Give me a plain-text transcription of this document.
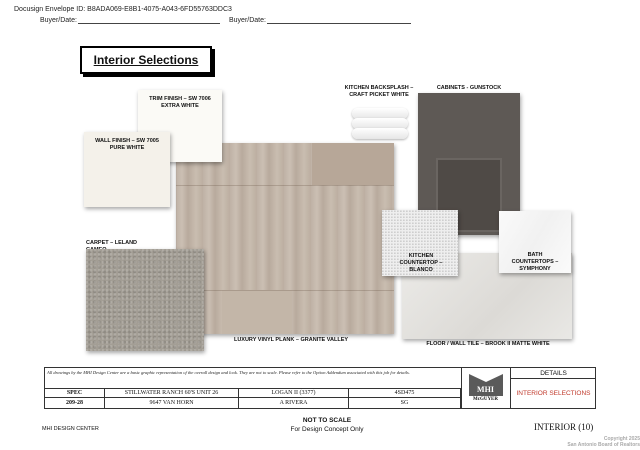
Docusign Envelope ID: B8ADA069-E8B1-4075-A043-6FD55763DDC3
Buyer/Date:	Buyer/Date:
Interior Selections
TRIM FINISH – SW 7006 EXTRA WHITE
WALL FINISH – SW 7005 PURE WHITE
KITCHEN BACKSPLASH – CRAFT PICKET WHITE
CABINETS - GUNSTOCK
FLOOR / WALL TILE – BROOK II MATTE WHITE
KITCHEN COUNTERTOP – BLANCO
BATH COUNTERTOPS – SYMPHONY
CARPET – LELAND
LUXURY VINYL PLANK – GRANITE VALLEY
All drawings by the MHI Design Center are a basic graphic representation of the overall design and look. They are not to scale. Please refer to the Option Addendum associated with this job for details.
SPEC	STILLWATER RANCH 60'S UNIT 26	LOGAN II (3377)	4SD475
209-28	9647 VAN HORN	A RIVERA	SG
MHI
McGUYER
DETAILS
INTERIOR SELECTIONS
MHI DESIGN CENTER
NOT TO SCALE
For Design Concept Only	INTERIOR (10)
Copyright 2025
San Antonio Board of Realtors
